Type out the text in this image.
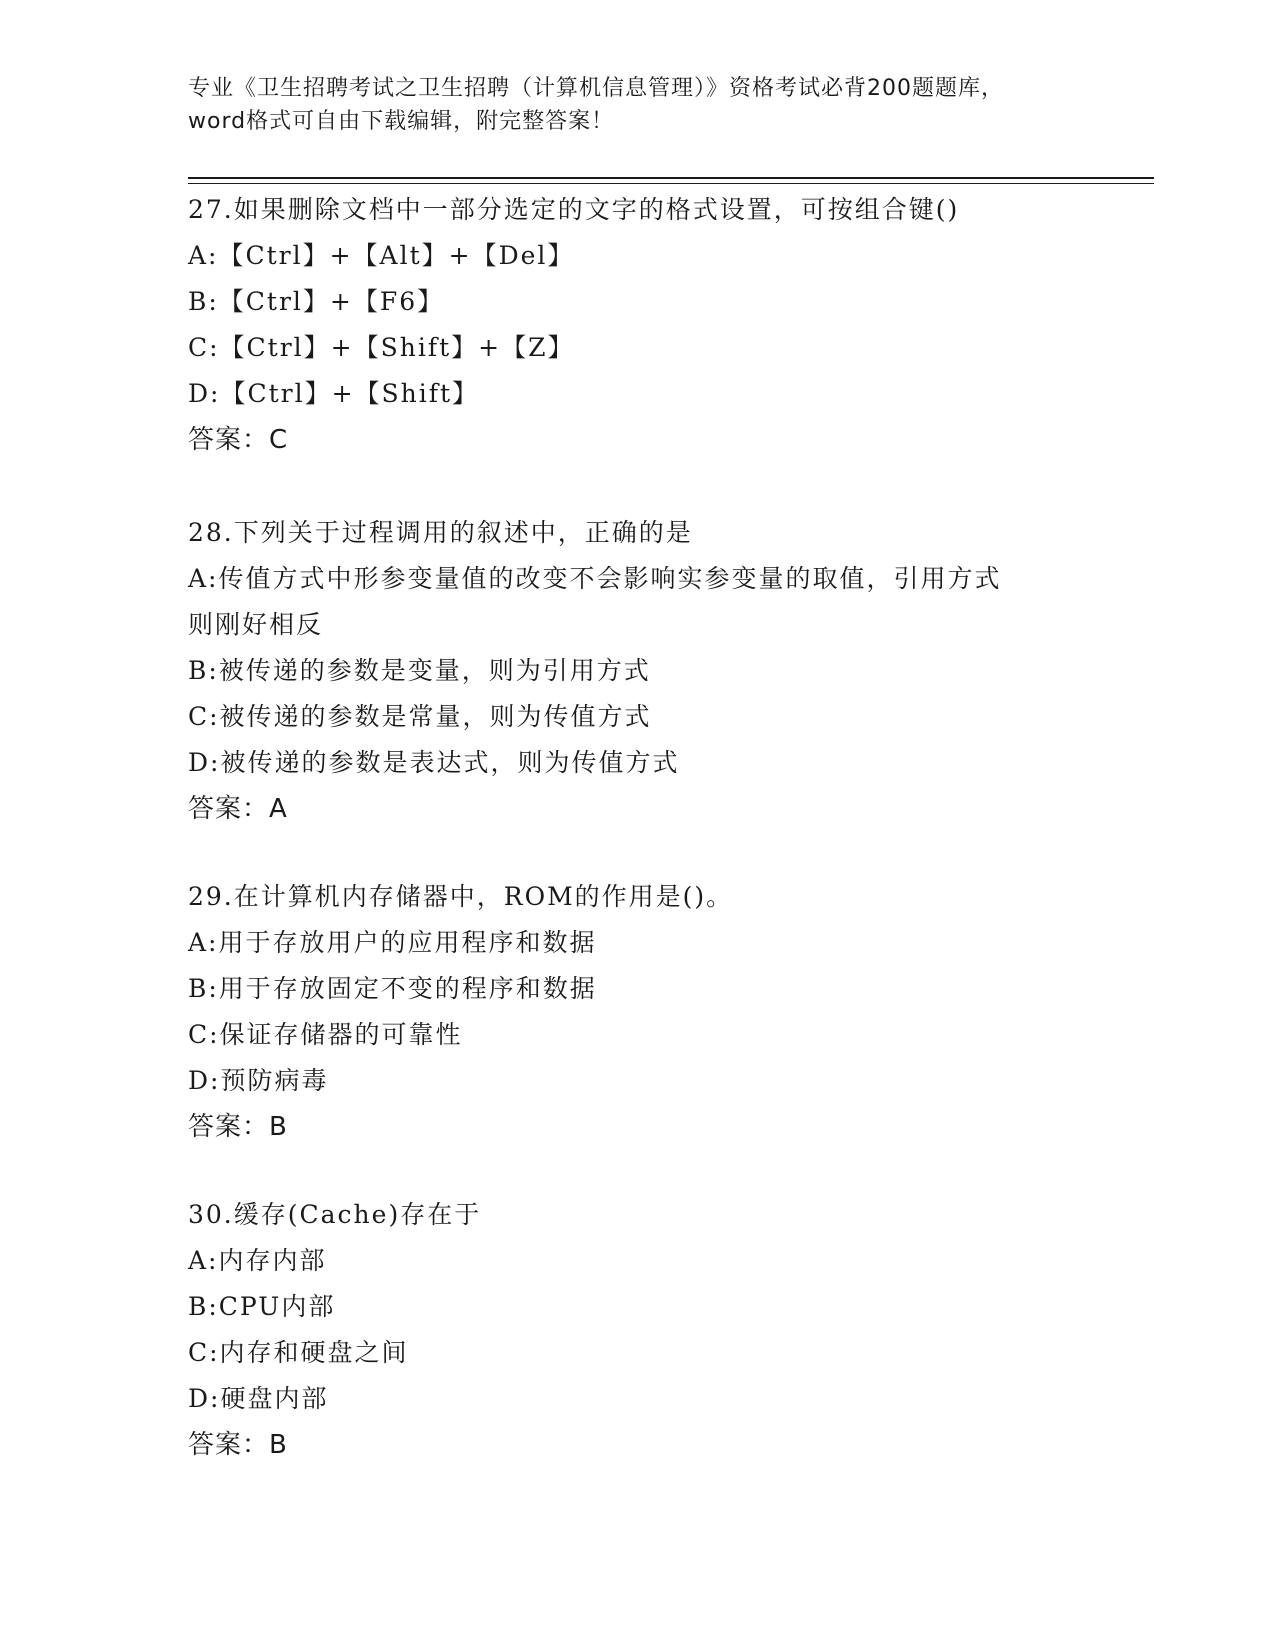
专业《卫生招聘考试之卫生招聘（计算机信息管理）》资格考试必背200题题库，
word格式可自由下载编辑，附完整答案！
27.如果删除文档中一部分选定的文字的格式设置，可按组合键()
A:【Ctrl】+【Alt】+【Del】
B:【Ctrl】+【F6】
C:【Ctrl】+【Shift】+【Z】
D:【Ctrl】+【Shift】
答案：C
28.下列关于过程调用的叙述中，正确的是
A:传值方式中形参变量值的改变不会影响实参变量的取值，引用方式
则刚好相反
B:被传递的参数是变量，则为引用方式
C:被传递的参数是常量，则为传值方式
D:被传递的参数是表达式，则为传值方式
答案：A
29.在计算机内存储器中，ROM的作用是()。
A:用于存放用户的应用程序和数据
B:用于存放固定不变的程序和数据
C:保证存储器的可靠性
D:预防病毒
答案：B
30.缓存(Cache)存在于
A:内存内部
B:CPU内部
C:内存和硬盘之间
D:硬盘内部
答案：B
